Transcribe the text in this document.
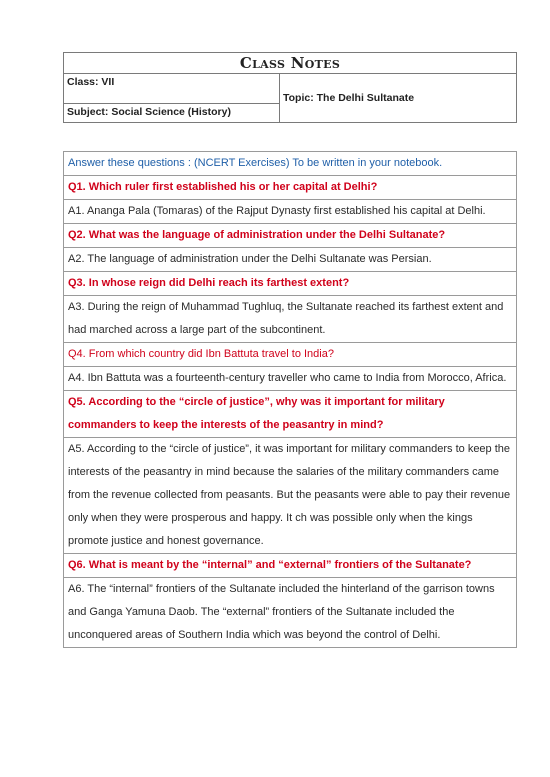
Class Notes
Class: VII	Topic: The Delhi Sultanate
Subject: Social Science (History)
Answer these questions : (NCERT Exercises) To be written in your notebook.
Q1. Which ruler first established his or her capital at Delhi?
A1. Ananga Pala (Tomaras) of the Rajput Dynasty first established his capital at Delhi.
Q2. What was the language of administration under the Delhi Sultanate?
A2. The language of administration under the Delhi Sultanate was Persian.
Q3. In whose reign did Delhi reach its farthest extent?
A3. During the reign of Muhammad Tughluq, the Sultanate reached its farthest extent and had marched across a large part of the subcontinent.
Q4. From which country did Ibn Battuta travel to India?
A4. Ibn Battuta was a fourteenth-century traveller who came to India from Morocco, Africa.
Q5. According to the “circle of justice”, why was it important for military commanders to keep the interests of the peasantry in mind?
A5. According to the “circle of justice”, it was important for military commanders to keep the interests of the peasantry in mind because the salaries of the military commanders came from the revenue collected from peasants. But the peasants were able to pay their revenue only when they were prosperous and happy. It ch was possible only when the kings promote justice and honest governance.
Q6. What is meant by the “internal” and “external” frontiers of the Sultanate?
A6. The “internal” frontiers of the Sultanate included the hinterland of the garrison towns and Ganga Yamuna Daob. The “external” frontiers of the Sultanate included the unconquered areas of Southern India which was beyond the control of Delhi.
